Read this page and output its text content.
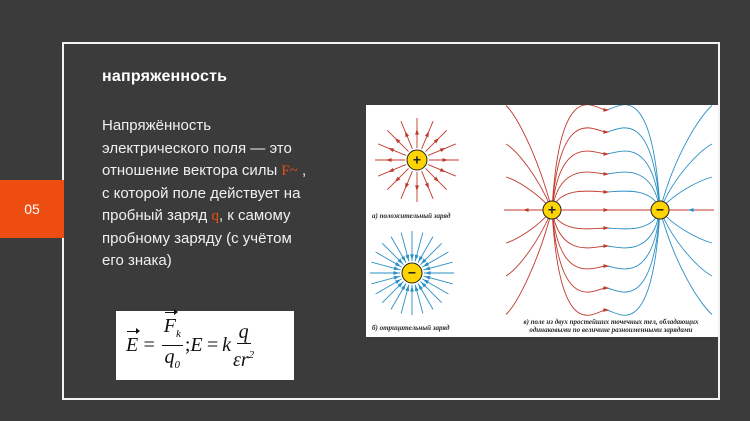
05
напряженность
Напряжённость электрического поля — это отношение вектора силы F~ , с которой поле действует на пробный заряд q, к самому пробному заряду (с учётом его знака)
$E = \frac{F_k}{q_0}$ ; E = k $\frac{q}{\varepsilon r^2}$
+
−
+	−
а) положительный заряд
б) отрицательный заряд
в) поле из двух простейших точечных тел, обладающих
одинаковыми по величине разноименными зарядами
